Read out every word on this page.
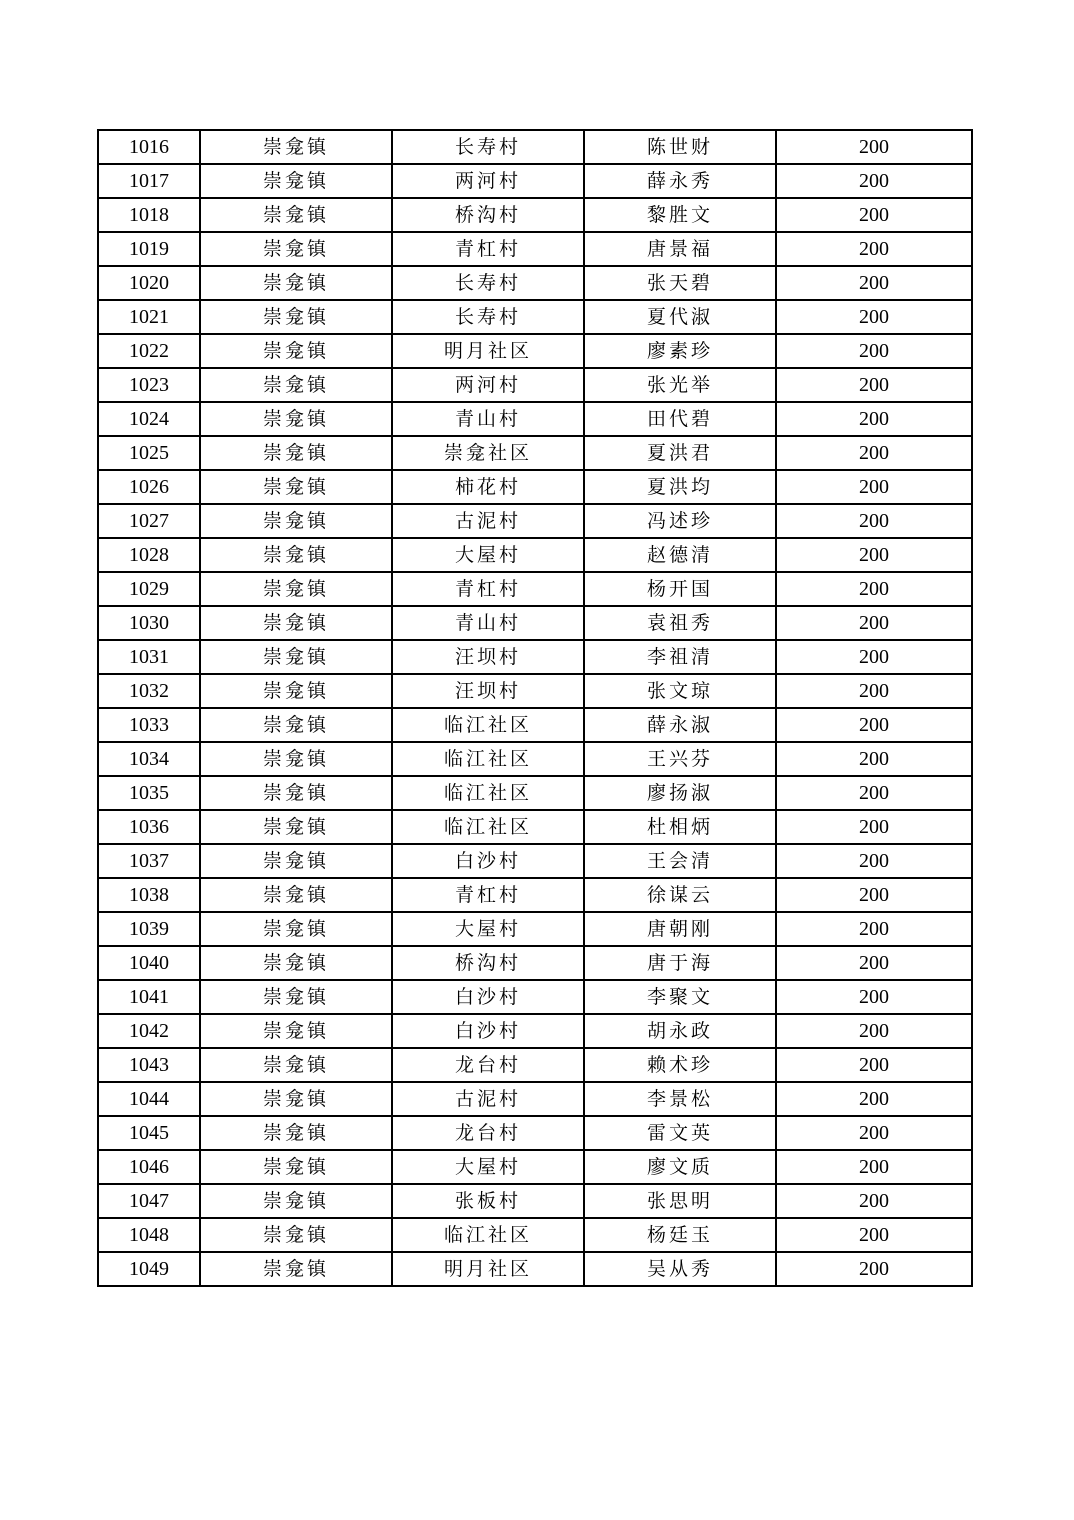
1016	崇龛镇	长寿村	陈世财	200
1017	崇龛镇	两河村	薛永秀	200
1018	崇龛镇	桥沟村	黎胜文	200
1019	崇龛镇	青杠村	唐景福	200
1020	崇龛镇	长寿村	张天碧	200
1021	崇龛镇	长寿村	夏代淑	200
1022	崇龛镇	明月社区	廖素珍	200
1023	崇龛镇	两河村	张光举	200
1024	崇龛镇	青山村	田代碧	200
1025	崇龛镇	崇龛社区	夏洪君	200
1026	崇龛镇	柿花村	夏洪均	200
1027	崇龛镇	古泥村	冯述珍	200
1028	崇龛镇	大屋村	赵德清	200
1029	崇龛镇	青杠村	杨开国	200
1030	崇龛镇	青山村	袁祖秀	200
1031	崇龛镇	汪坝村	李祖清	200
1032	崇龛镇	汪坝村	张文琼	200
1033	崇龛镇	临江社区	薛永淑	200
1034	崇龛镇	临江社区	王兴芬	200
1035	崇龛镇	临江社区	廖扬淑	200
1036	崇龛镇	临江社区	杜相炳	200
1037	崇龛镇	白沙村	王会清	200
1038	崇龛镇	青杠村	徐谋云	200
1039	崇龛镇	大屋村	唐朝刚	200
1040	崇龛镇	桥沟村	唐于海	200
1041	崇龛镇	白沙村	李聚文	200
1042	崇龛镇	白沙村	胡永政	200
1043	崇龛镇	龙台村	赖术珍	200
1044	崇龛镇	古泥村	李景松	200
1045	崇龛镇	龙台村	雷文英	200
1046	崇龛镇	大屋村	廖文质	200
1047	崇龛镇	张板村	张思明	200
1048	崇龛镇	临江社区	杨廷玉	200
1049	崇龛镇	明月社区	吴从秀	200
